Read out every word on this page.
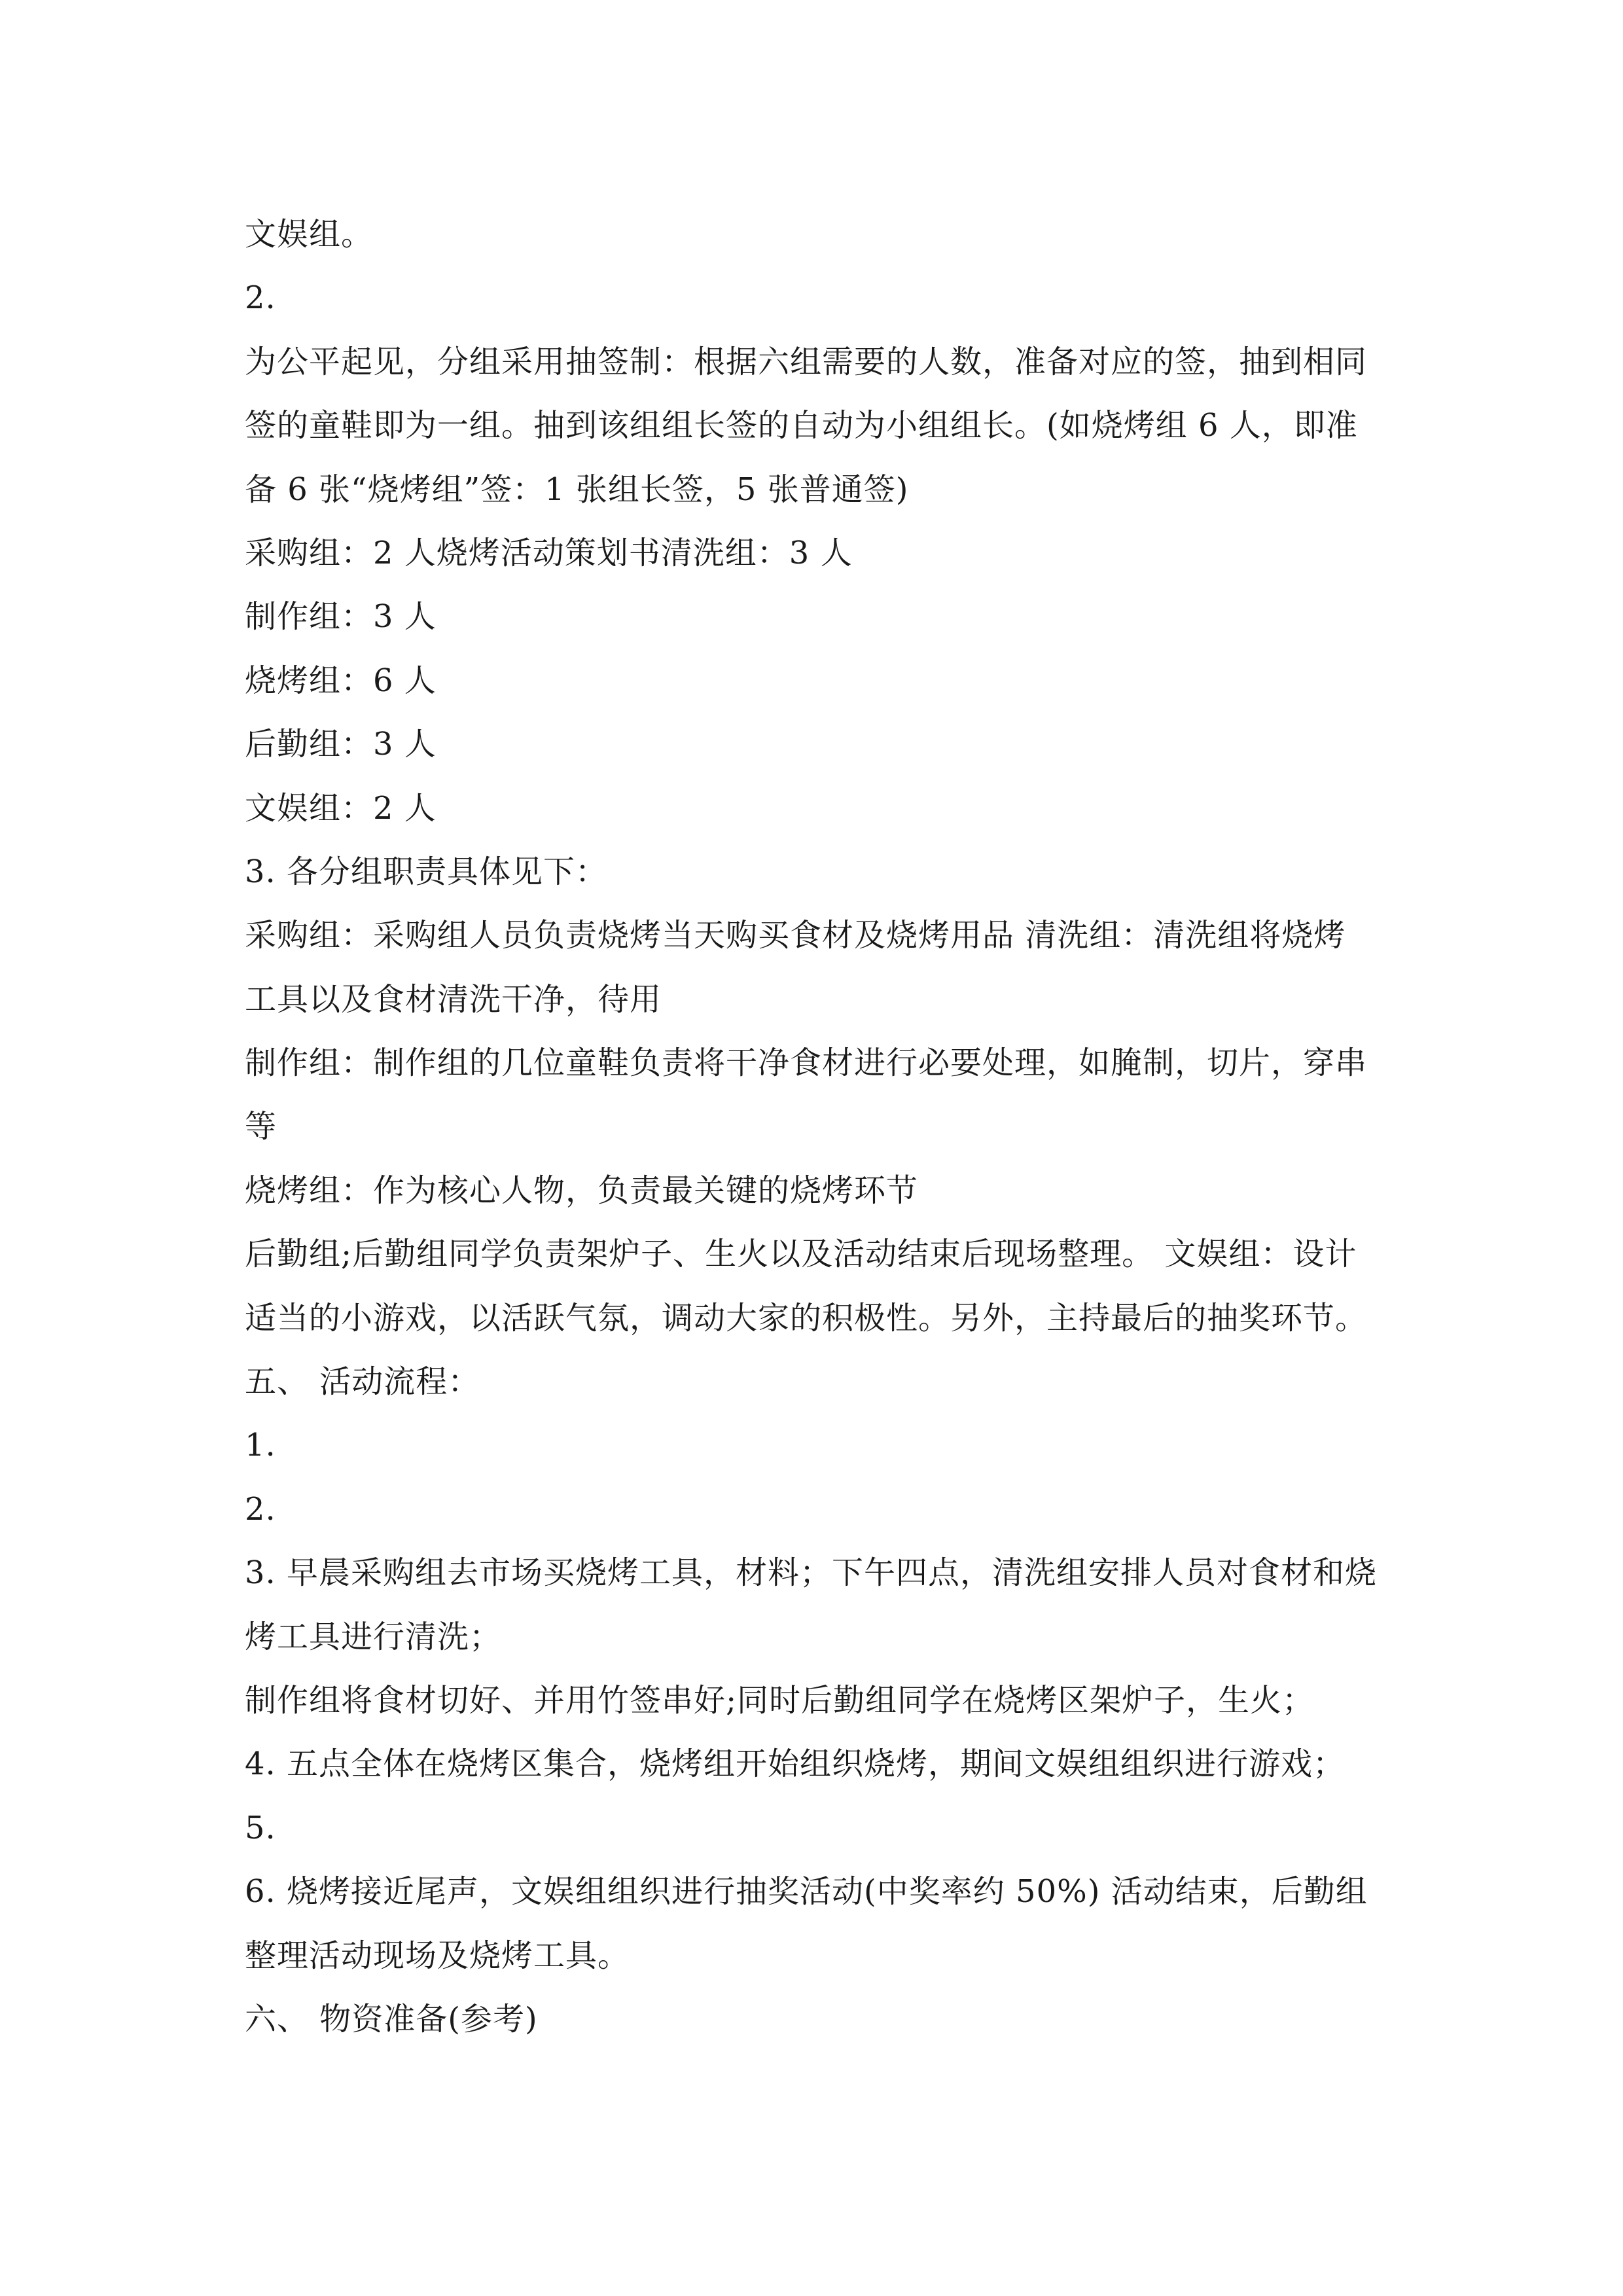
文娱组。
2.
为公平起见，分组采用抽签制：根据六组需要的人数，准备对应的签，抽到相同
签的童鞋即为一组。抽到该组组长签的自动为小组组长。(如烧烤组 6 人，即准
备 6 张“烧烤组”签：1 张组长签，5 张普通签)
采购组：2 人烧烤活动策划书清洗组：3 人
制作组：3 人
烧烤组：6 人
后勤组：3 人
文娱组：2 人
3. 各分组职责具体见下：
采购组：采购组人员负责烧烤当天购买食材及烧烤用品 清洗组：清洗组将烧烤
工具以及食材清洗干净，待用
制作组：制作组的几位童鞋负责将干净食材进行必要处理，如腌制，切片，穿串
等
烧烤组：作为核心人物，负责最关键的烧烤环节
后勤组;后勤组同学负责架炉子、生火以及活动结束后现场整理。 文娱组：设计
适当的小游戏，以活跃气氛，调动大家的积极性。另外，主持最后的抽奖环节。
五、 活动流程：
1.
2.
3. 早晨采购组去市场买烧烤工具，材料；下午四点，清洗组安排人员对食材和烧
烤工具进行清洗；
制作组将食材切好、并用竹签串好;同时后勤组同学在烧烤区架炉子，生火；
4. 五点全体在烧烤区集合，烧烤组开始组织烧烤，期间文娱组组织进行游戏；
5.
6. 烧烤接近尾声，文娱组组织进行抽奖活动(中奖率约 50%) 活动结束，后勤组
整理活动现场及烧烤工具。
六、 物资准备(参考)
